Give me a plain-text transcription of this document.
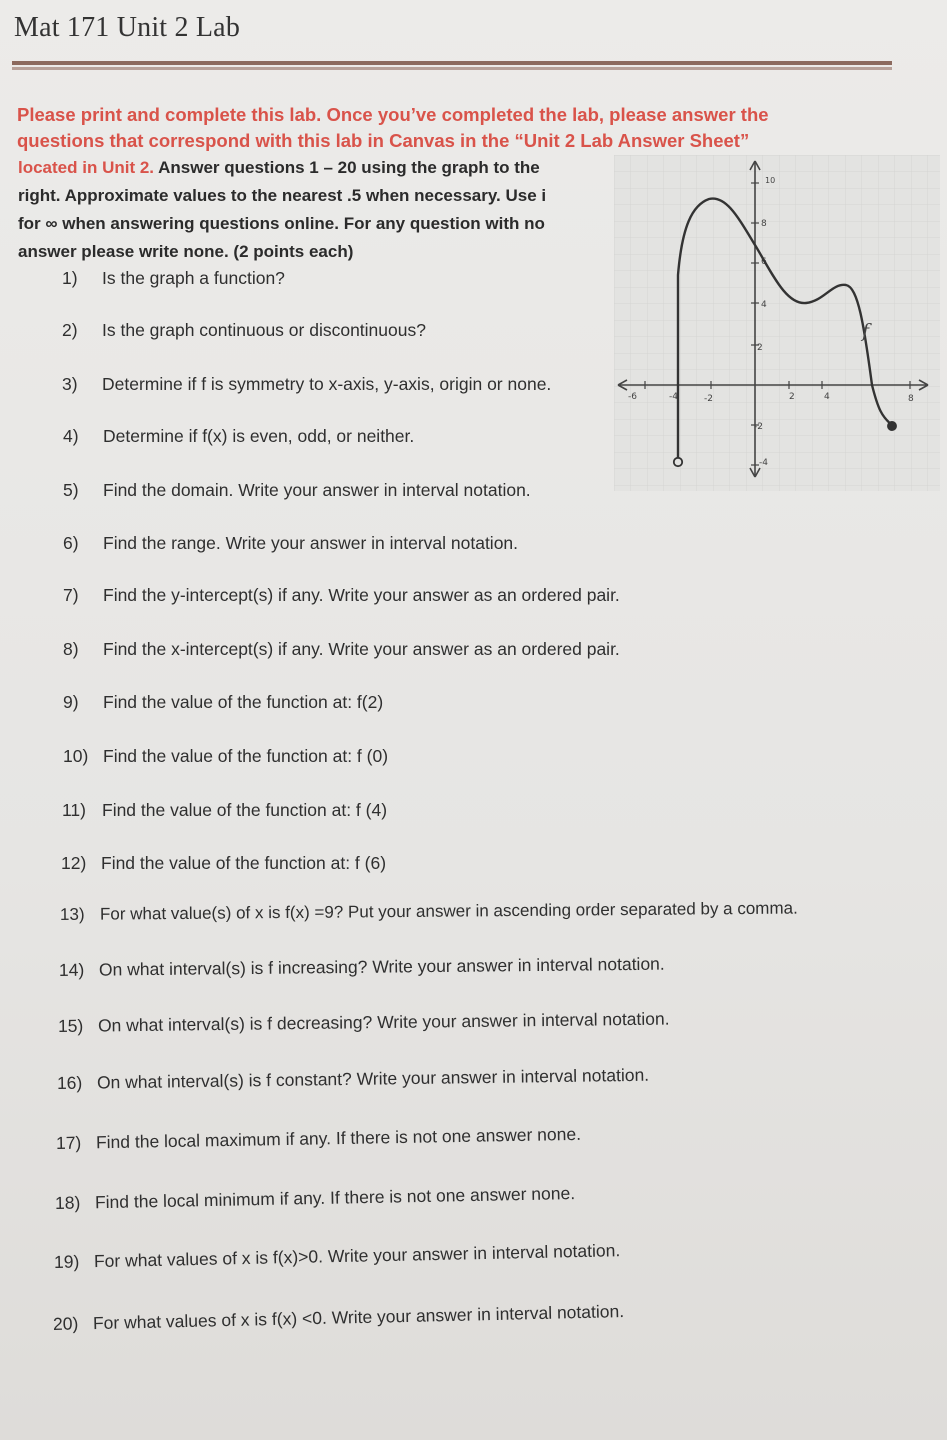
Mat 171 Unit 2 Lab
Please print and complete this lab. Once you’ve completed the lab, please answer the
questions that correspond with this lab in Canvas in the “Unit 2 Lab Answer Sheet”
located in Unit 2. Answer questions 1 – 20 using the graph to the
right. Approximate values to the nearest .5 when necessary. Use i
for ∞ when answering questions online. For any question with no
answer please write none. (2 points each)
1) Is the graph a function?
2) Is the graph continuous or discontinuous?
3) Determine if f is symmetry to x-axis, y-axis, origin or none.
4) Determine if f(x) is even, odd, or neither.
5) Find the domain. Write your answer in interval notation.
6) Find the range. Write your answer in interval notation.
7) Find the y-intercept(s) if any. Write your answer as an ordered pair.
8) Find the x-intercept(s) if any. Write your answer as an ordered pair.
9) Find the value of the function at: f(2)
10) Find the value of the function at: f (0)
11) Find the value of the function at: f (4)
12) Find the value of the function at: f (6)
13) For what value(s) of x is f(x) =9? Put your answer in ascending order separated by a comma.
14) On what interval(s) is f increasing? Write your answer in interval notation.
15) On what interval(s) is f decreasing? Write your answer in interval notation.
16) On what interval(s) is f constant? Write your answer in interval notation.
17) Find the local maximum if any. If there is not one answer none.
18) Find the local minimum if any. If there is not one answer none.
19) For what values of x is f(x)>0. Write your answer in interval notation.
20) For what values of x is f(x) <0. Write your answer in interval notation.
-6	-4	-2	2	4	8
10
8
6
4
2
-2
-4
f
